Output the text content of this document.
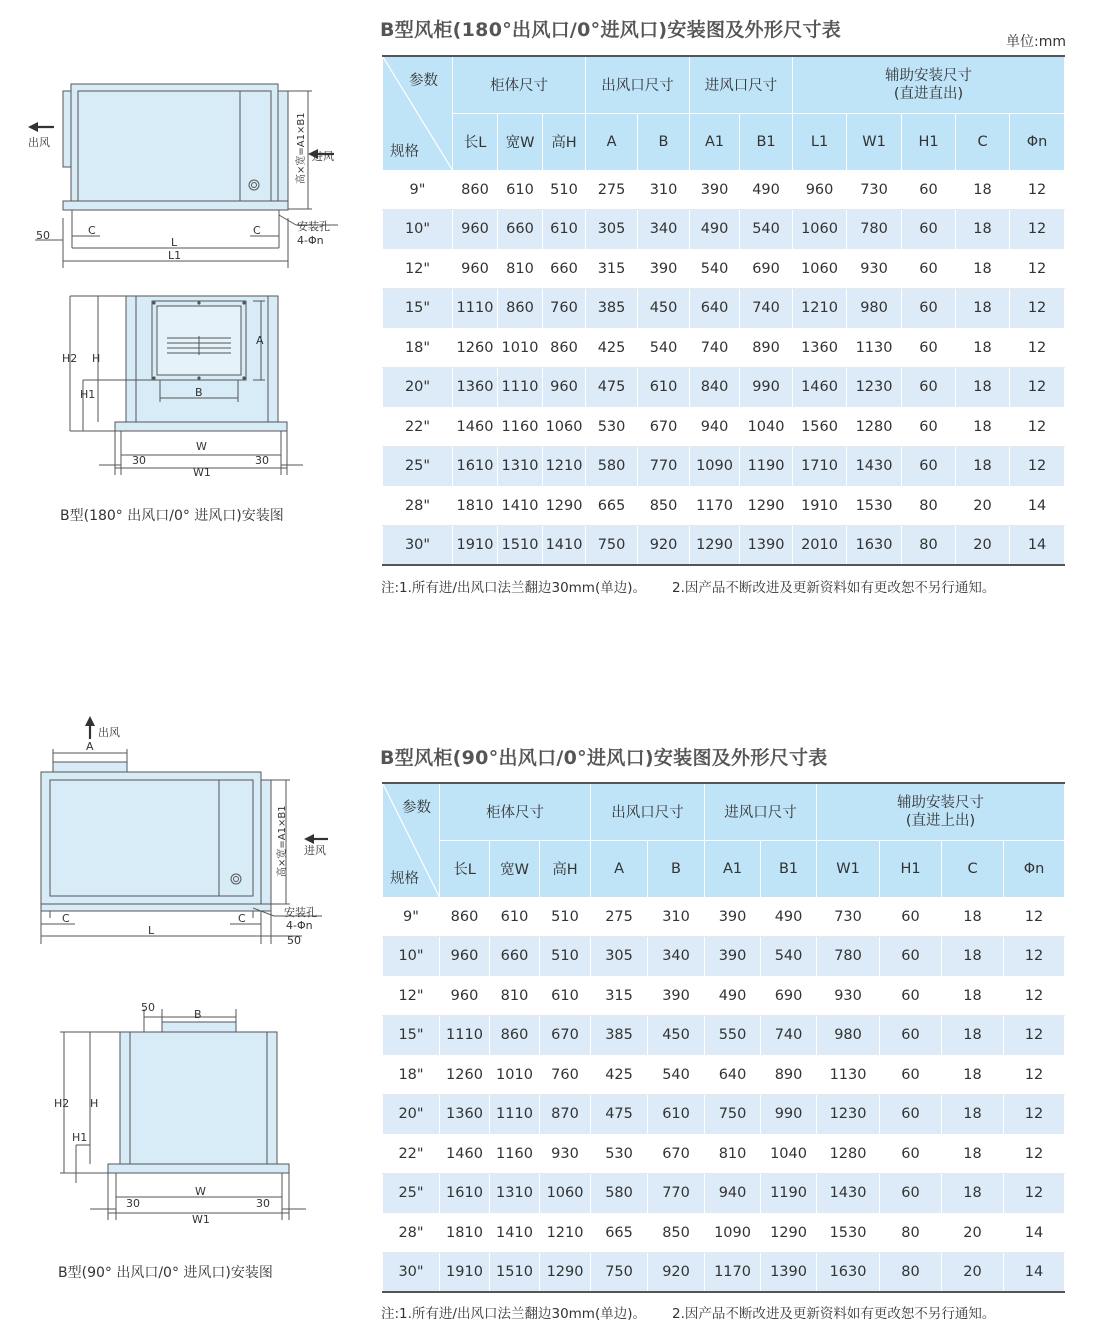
B型风柜(180°出风口/0°进风口)安装图及外形尺寸表
单位:mm
参数
规格	柜体尺寸			出风口尺寸		进风口尺寸		辅助安装尺寸
(直进直出)				
	长L	宽W	高H	A	B	A1	B1	L1	W1	H1	C	Φn
9"	860	610	510	275	310	390	490	960	730	60	18	12
10"	960	660	610	305	340	490	540	1060	780	60	18	12
12"	960	810	660	315	390	540	690	1060	930	60	18	12
15"	1110	860	760	385	450	640	740	1210	980	60	18	12
18"	1260	1010	860	425	540	740	890	1360	1130	60	18	12
20"	1360	1110	960	475	610	840	990	1460	1230	60	18	12
22"	1460	1160	1060	530	670	940	1040	1560	1280	60	18	12
25"	1610	1310	1210	580	770	1090	1190	1710	1430	60	18	12
28"	1810	1410	1290	665	850	1170	1290	1910	1530	80	20	14
30"	1910	1510	1410	750	920	1290	1390	2010	1630	80	20	14
注:1.所有进/出风口法兰翻边30mm(单边)。 2.因产品不断改进及更新资料如有更改恕不另行通知。
出风
进风
高×宽=A1×B1
安装孔
4-Φn
50	C	C
L
L1
H2 H
H1
A
B
W
W1
30	30
B型(180° 出风口/0° 进风口)安装图
B型风柜(90°出风口/0°进风口)安装图及外形尺寸表
参数
规格	柜体尺寸			出风口尺寸		进风口尺寸		辅助安装尺寸
(直进上出)			
	长L	宽W	高H	A	B	A1	B1	W1	H1	C	Φn
9"	860	610	510	275	310	390	490	730	60	18	12
10"	960	660	510	305	340	390	540	780	60	18	12
12"	960	810	610	315	390	490	690	930	60	18	12
15"	1110	860	670	385	450	550	740	980	60	18	12
18"	1260	1010	760	425	540	640	890	1130	60	18	12
20"	1360	1110	870	475	610	750	990	1230	60	18	12
22"	1460	1160	930	530	670	810	1040	1280	60	18	12
25"	1610	1310	1060	580	770	940	1190	1430	60	18	12
28"	1810	1410	1210	665	850	1090	1290	1530	80	20	14
30"	1910	1510	1290	750	920	1170	1390	1630	80	20	14
注:1.所有进/出风口法兰翻边30mm(单边)。 2.因产品不断改进及更新资料如有更改恕不另行通知。
出风
进风
高×宽=A1×B1
安装孔
4-Φn
A
C	C
L
50
50
B
H2 H
H1
W
W1
30	30
B型(90° 出风口/0° 进风口)安装图
